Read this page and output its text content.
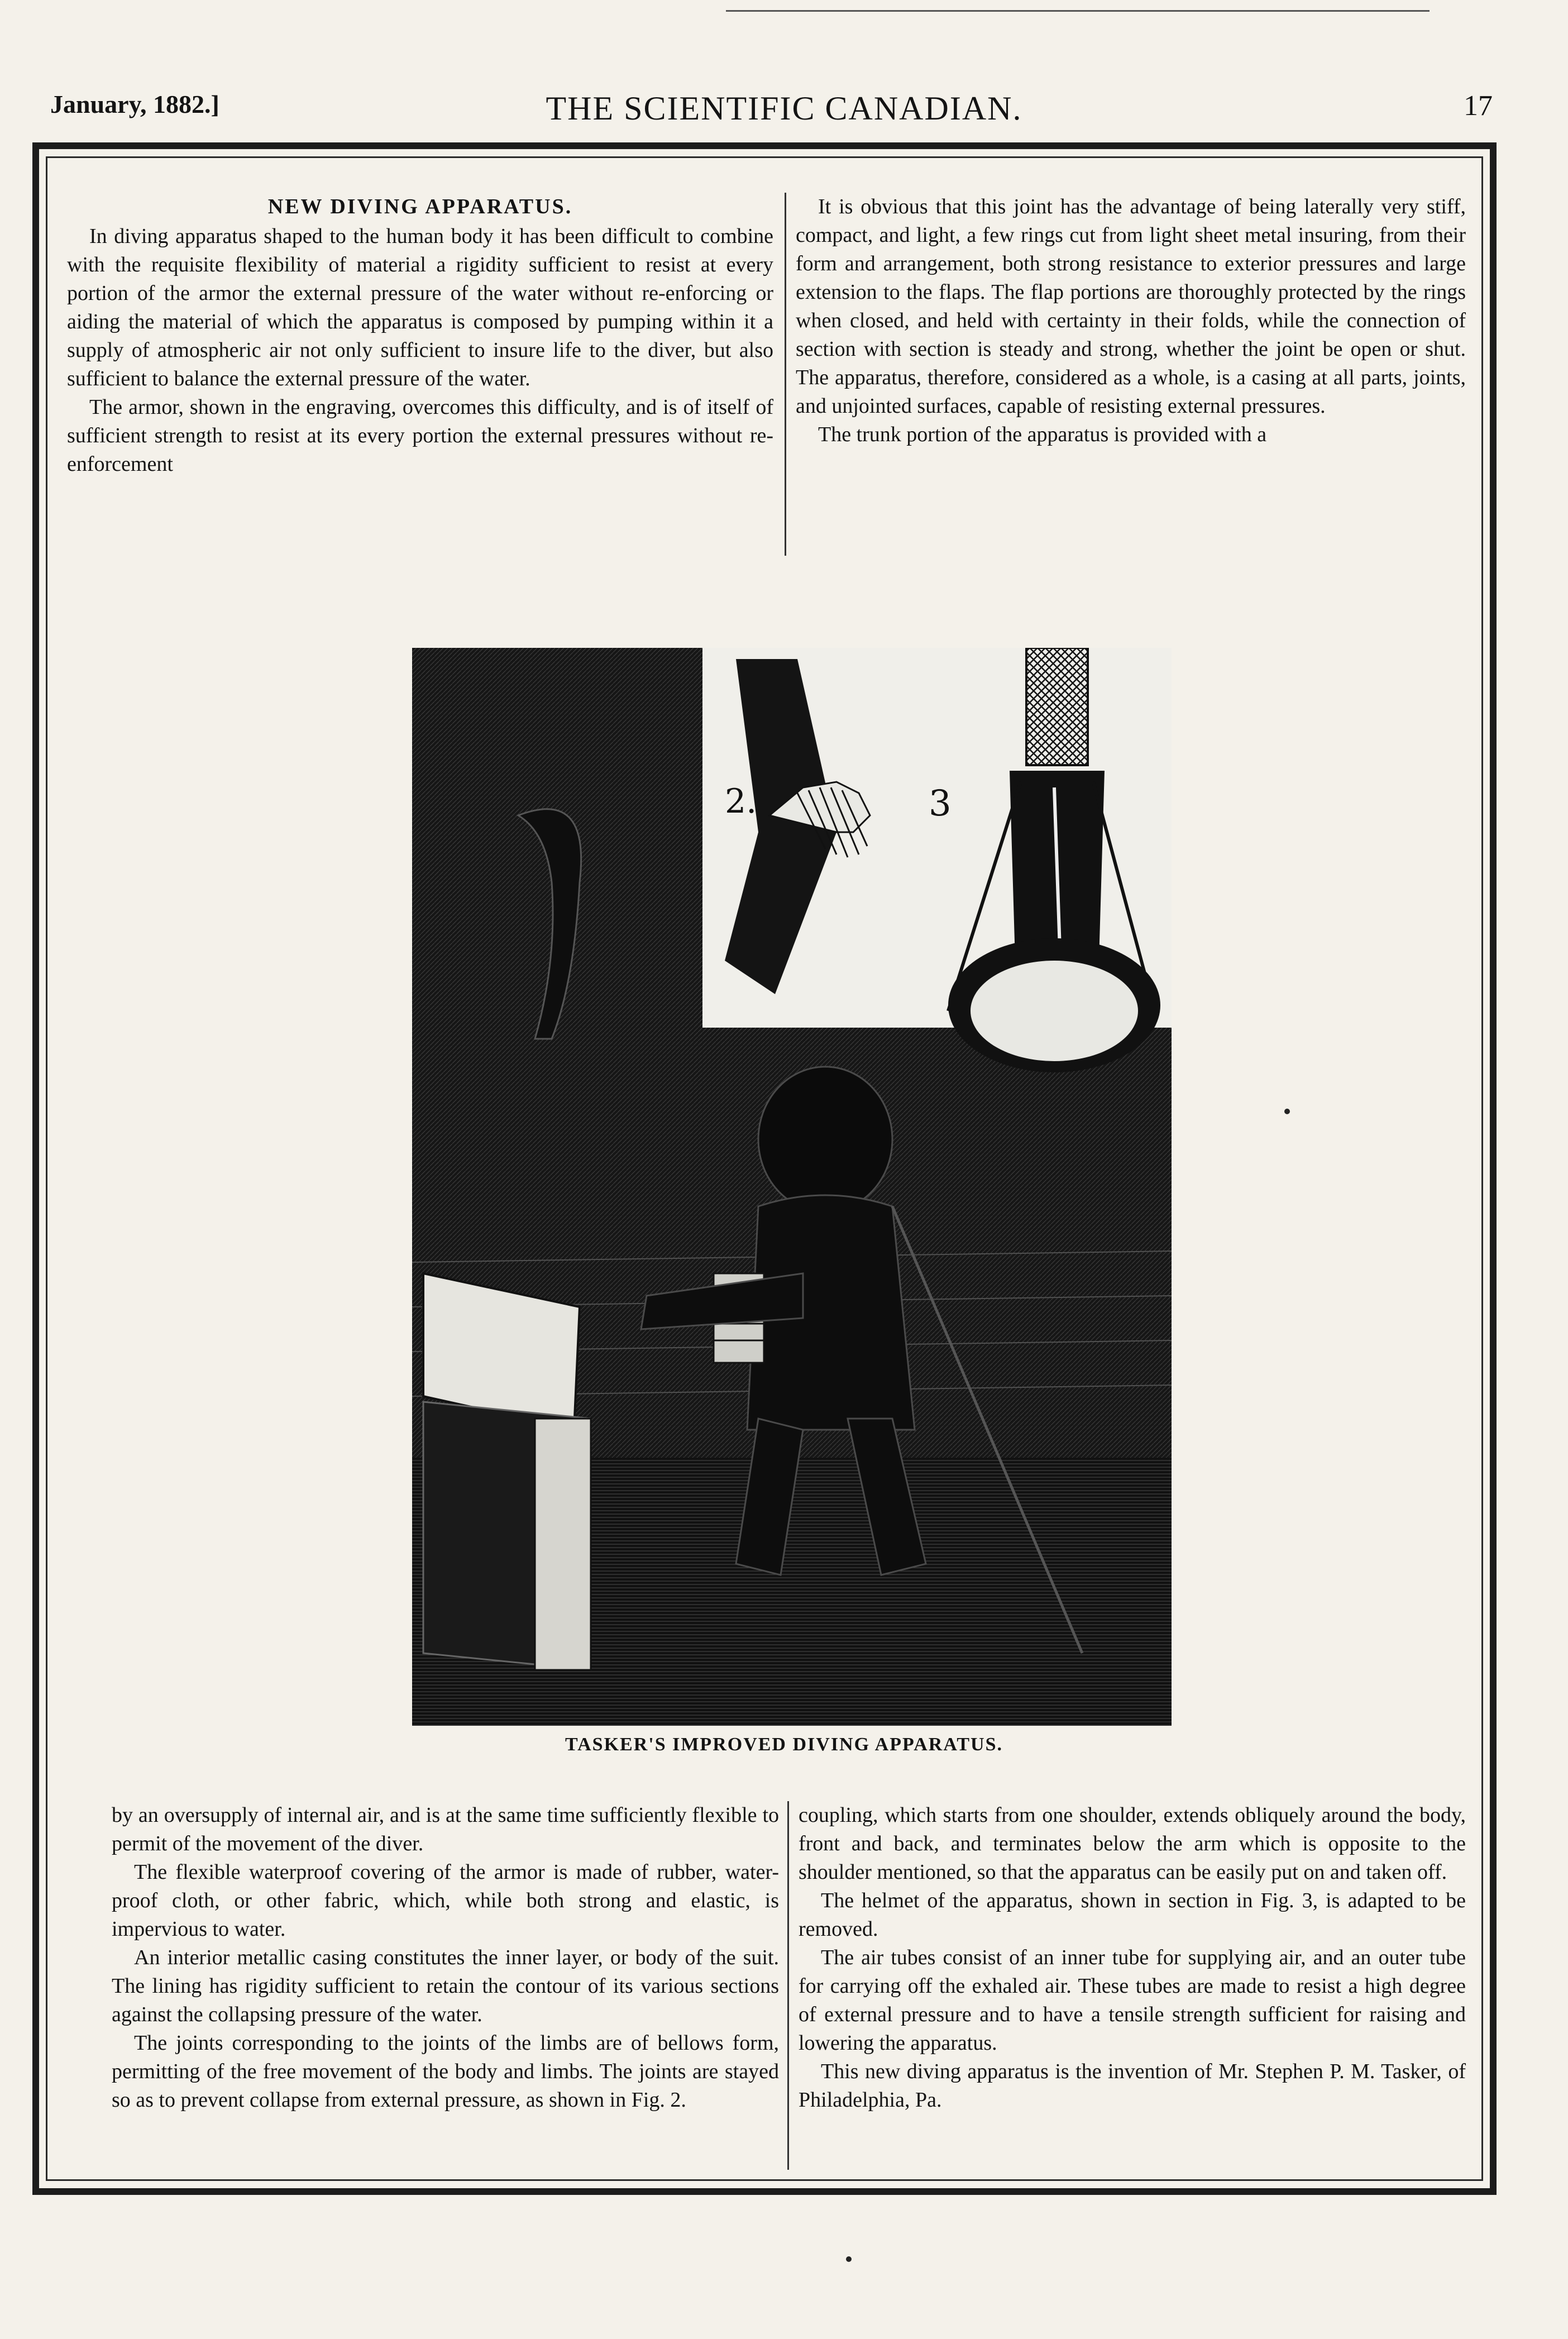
January, 1882.]	THE SCIENTIFIC CANADIAN.	17
NEW DIVING APPARATUS.

In diving apparatus shaped to the human body it has been difficult to combine with the requisite flexibility of material a rigidity sufficient to resist at every portion of the armor the external pressure of the water without re-enforcing or aiding the material of which the apparatus is composed by pumping within it a supply of atmospheric air not only sufficient to insure life to the diver, but also sufficient to balance the external pressure of the water.

The armor, shown in the engraving, overcomes this difficulty, and is of itself of sufficient strength to resist at its every portion the external pressures without re-enforcement

It is obvious that this joint has the advantage of being laterally very stiff, compact, and light, a few rings cut from light sheet metal insuring, from their form and arrangement, both strong resistance to exterior pressures and large extension to the flaps. The flap portions are thoroughly protected by the rings when closed, and held with certainty in their folds, while the connection of section with section is steady and strong, whether the joint be open or shut. The apparatus, therefore, considered as a whole, is a casing at all parts, joints, and unjointed surfaces, capable of resisting external pressures.

The trunk portion of the apparatus is provided with a

2.	3
TASKER'S IMPROVED DIVING APPARATUS.

by an oversupply of internal air, and is at the same time sufficiently flexible to permit of the movement of the diver.

The flexible waterproof covering of the armor is made of rubber, water-proof cloth, or other fabric, which, while both strong and elastic, is impervious to water.

An interior metallic casing constitutes the inner layer, or body of the suit. The lining has rigidity sufficient to retain the contour of its various sections against the collapsing pressure of the water.

The joints corresponding to the joints of the limbs are of bellows form, permitting of the free movement of the body and limbs. The joints are stayed so as to prevent collapse from external pressure, as shown in Fig. 2.

coupling, which starts from one shoulder, extends obliquely around the body, front and back, and terminates below the arm which is opposite to the shoulder mentioned, so that the apparatus can be easily put on and taken off.

The helmet of the apparatus, shown in section in Fig. 3, is adapted to be removed.

The air tubes consist of an inner tube for supplying air, and an outer tube for carrying off the exhaled air. These tubes are made to resist a high degree of external pressure and to have a tensile strength sufficient for raising and lowering the apparatus.

This new diving apparatus is the invention of Mr. Stephen P. M. Tasker, of Philadelphia, Pa.
